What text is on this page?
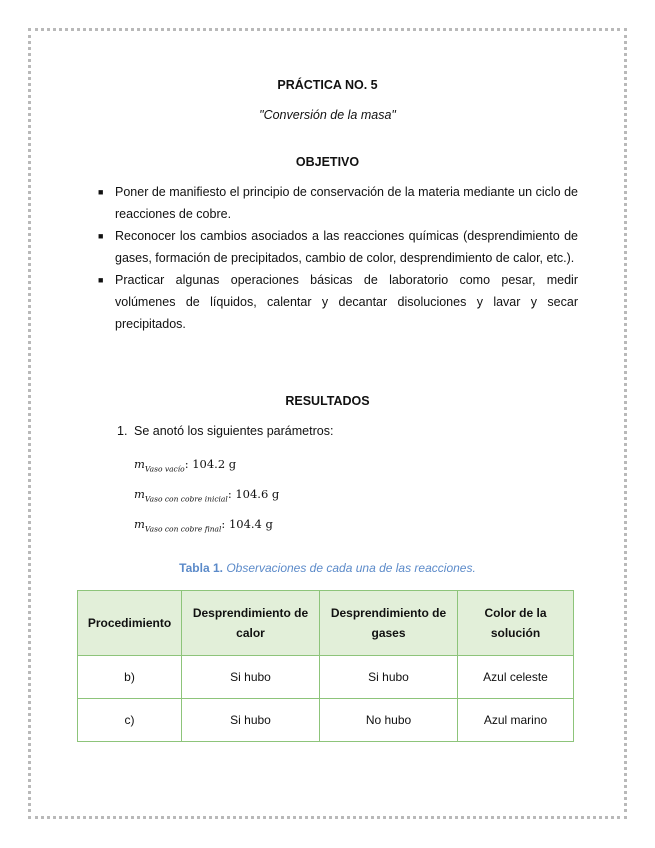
PRÁCTICA NO. 5
"Conversión de la masa"
OBJETIVO
■ Poner de manifiesto el principio de conservación de la materia mediante un ciclo de reacciones de cobre.
■ Reconocer los cambios asociados a las reacciones químicas (desprendimiento de gases, formación de precipitados, cambio de color, desprendimiento de calor, etc.).
■ Practicar algunas operaciones básicas de laboratorio como pesar, medir volúmenes de líquidos, calentar y decantar disoluciones y lavar y secar precipitados.
RESULTADOS
1. Se anotó los siguientes parámetros:
$m_{Vaso vacío}$: 104.2 g
$m_{Vaso con cobre inicial}$: 104.6 g
$m_{Vaso con cobre final}$: 104.4 g
Tabla 1. Observaciones de cada una de las reacciones.
Procedimiento	Desprendimiento de calor	Desprendimiento de gases	Color de la solución
b)	Si hubo	Si hubo	Azul celeste
c)	Si hubo	No hubo	Azul marino
